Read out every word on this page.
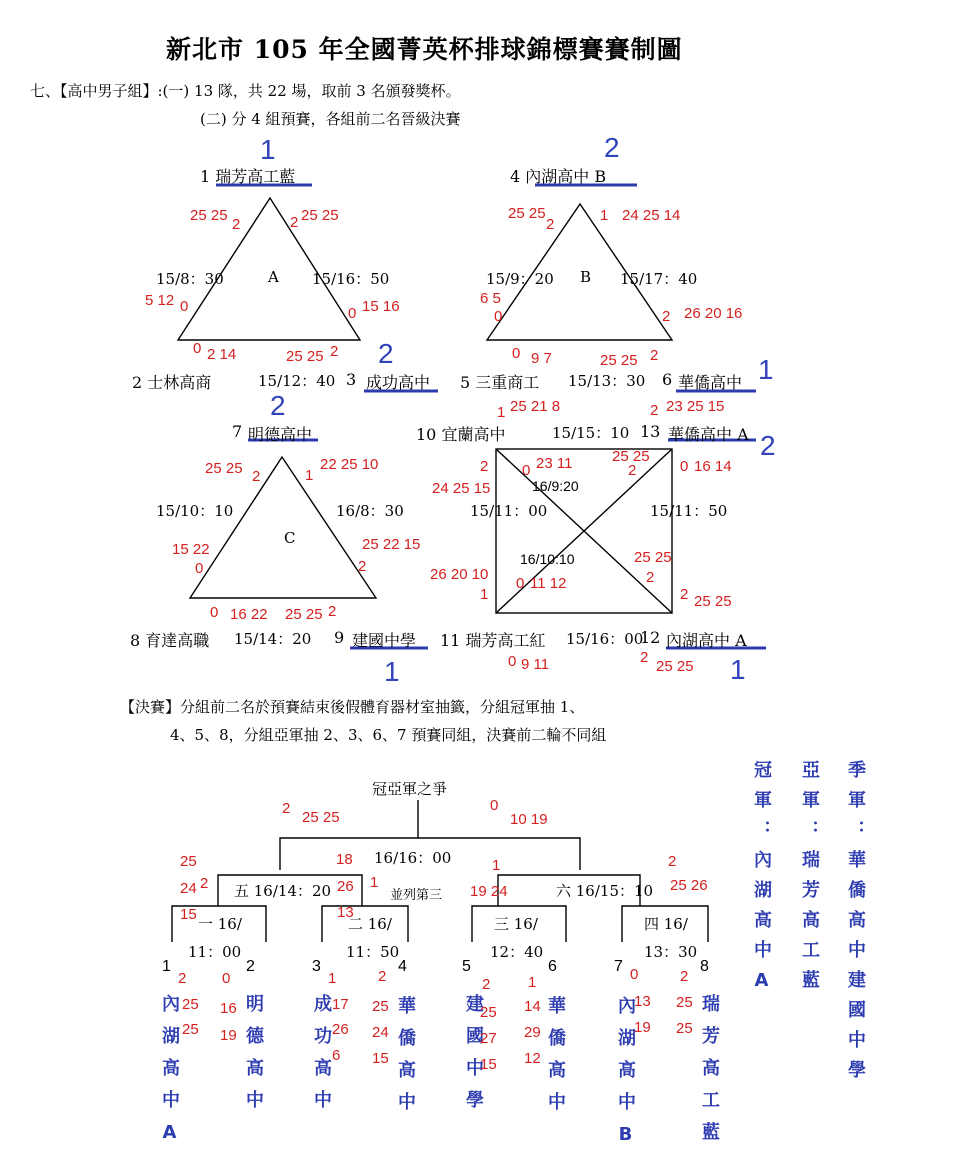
新北市 105 年全國菁英杯排球錦標賽賽制圖
七、【高中男子組】:(一) 13 隊，共 22 場，取前 3 名頒發獎杯。
(二) 分 4 組預賽，各組前二名晉級決賽
1 瑞芳高工藍
1
A
15/8：30	15/16：50
25 25
2	2 25 25
5 12 0	0 15 16
0 2 14	25 25 2
2 士林高商	15/12：40 3 成功高中
2
4 內湖高中 B
2
B
15/9：20	15/17：40
25 25
2
1 24 25 14
6 5
0	2 26 20 16
0 9 7	25 25 2
5 三重商工 15/13：30 6 華僑高中 1
7 明德高中
2
C
15/10：10	16/8：30
25 25 2	1
22 25 10
15 22
0
25 22 15
2
0 16 22 25 25 2
8 育達高職 15/14：20 9 建國中學
1
10 宜蘭高中	15/15：10 13 華僑高中 A 2
1 25 21 8	2 23 25 15
2 0 23 11
24 25 15	16/9:20
25 25
2	0 16 14
15/11：00	15/11：50
16/10:10	25 25
2
26 20 10
1
0 11 12
2 25 25
11 瑞芳高工紅 15/16：00
12 內湖高中 A
1
0 9 11	2
25 25
【決賽】分組前二名於預賽結束後假體育器材室抽籤，分組冠軍抽 1、
4、5、8，分組亞軍抽 2、3、6、7 預賽同組，決賽前二輪不同組
冠亞軍之爭
2
25 25
0
10 19
16/16：00
18	1
25
24 2 五 16/14：20 26 1
並列第三 19 24	六 16/15：10
2
25 26
15	13
一 16/
11：00
二 16/
11：50
三 16/
12：40
四 16/
13：30
1	2	3	4	5	6	7	8
內湖高中A	明德高中	成功高中	華僑高中	建國中學	華僑高中	內湖高中B	瑞芳高工藍
2
25
25
0
16
19
1
17
26
6
2
25
24
15
2
25
27
15
1
14
29
12
0
13
19
2
25
25
冠軍：內湖高中A 亞軍：瑞芳高工藍 季軍：華僑高中建國中學
